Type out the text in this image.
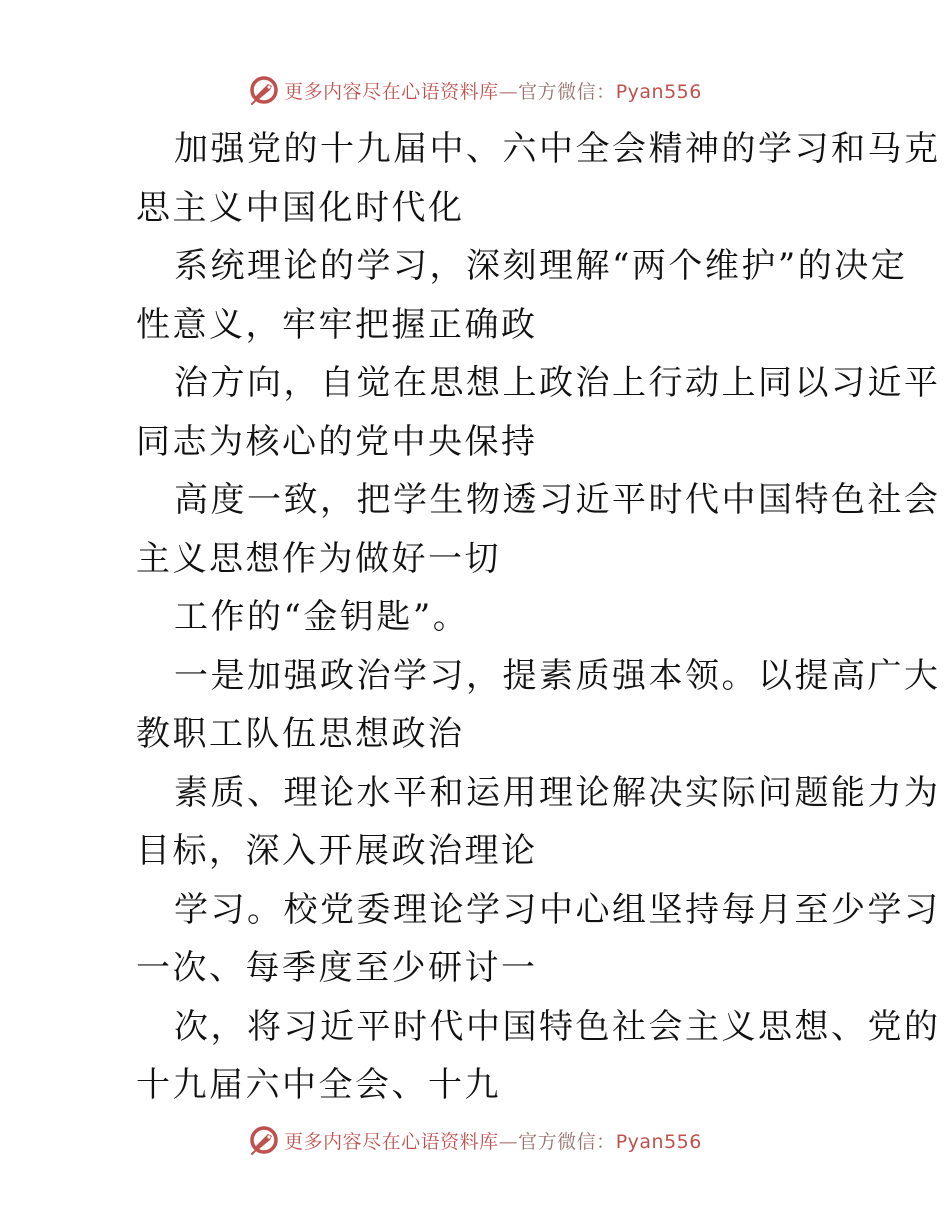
更多内容尽在心语资料库—官方微信：Pyan556
加强党的十九届中、六中全会精神的学习和马克
思主义中国化时代化
系统理论的学习，深刻理解“两个维护”的决定
性意义，牢牢把握正确政
治方向，自觉在思想上政治上行动上同以习近平
同志为核心的党中央保持
高度一致，把学生物透习近平时代中国特色社会
主义思想作为做好一切
工作的“金钥匙”。
一是加强政治学习，提素质强本领。以提高广大
教职工队伍思想政治
素质、理论水平和运用理论解决实际问题能力为
目标，深入开展政治理论
学习。校党委理论学习中心组坚持每月至少学习
一次、每季度至少研讨一
次，将习近平时代中国特色社会主义思想、党的
十九届六中全会、十九
更多内容尽在心语资料库—官方微信：Pyan556
